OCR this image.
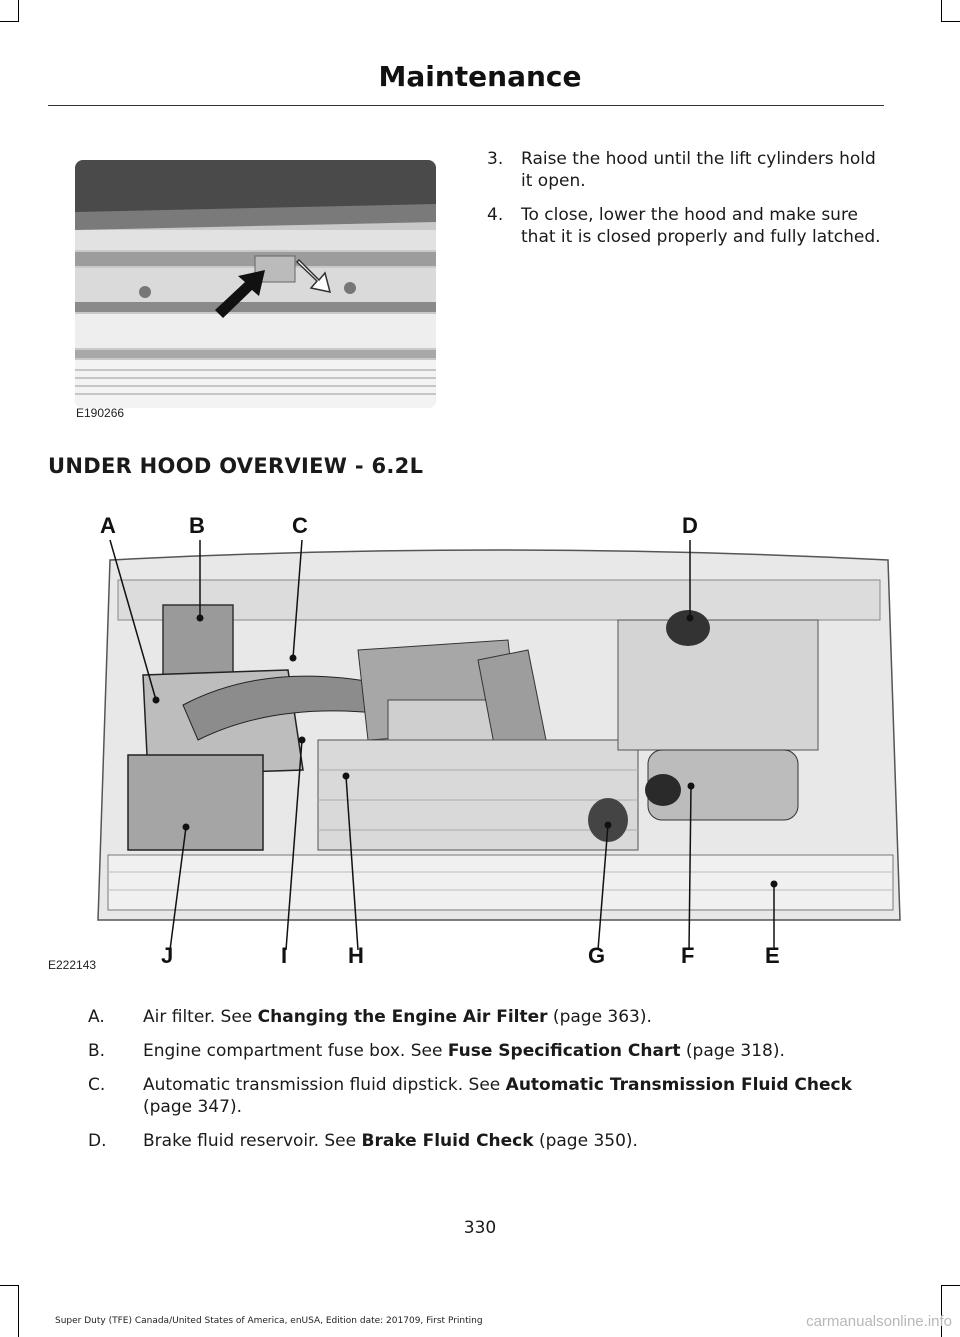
Maintenance
E190266
3.	Raise the hood until the lift cylinders hold it open.
4.	To close, lower the hood and make sure that it is closed properly and fully latched.
UNDER HOOD OVERVIEW - 6.2L
A	B	C	D
J	I	H	G	F	E
E222143
A.	Air filter. See Changing the Engine Air Filter (page 363).
B.	Engine compartment fuse box. See Fuse Specification Chart (page 318).
C.	Automatic transmission fluid dipstick. See Automatic Transmission Fluid Check (page 347).
D.	Brake fluid reservoir. See Brake Fluid Check (page 350).
330
Super Duty (TFE) Canada/United States of America, enUSA, Edition date: 201709, First Printing	carmanualsonline.info
